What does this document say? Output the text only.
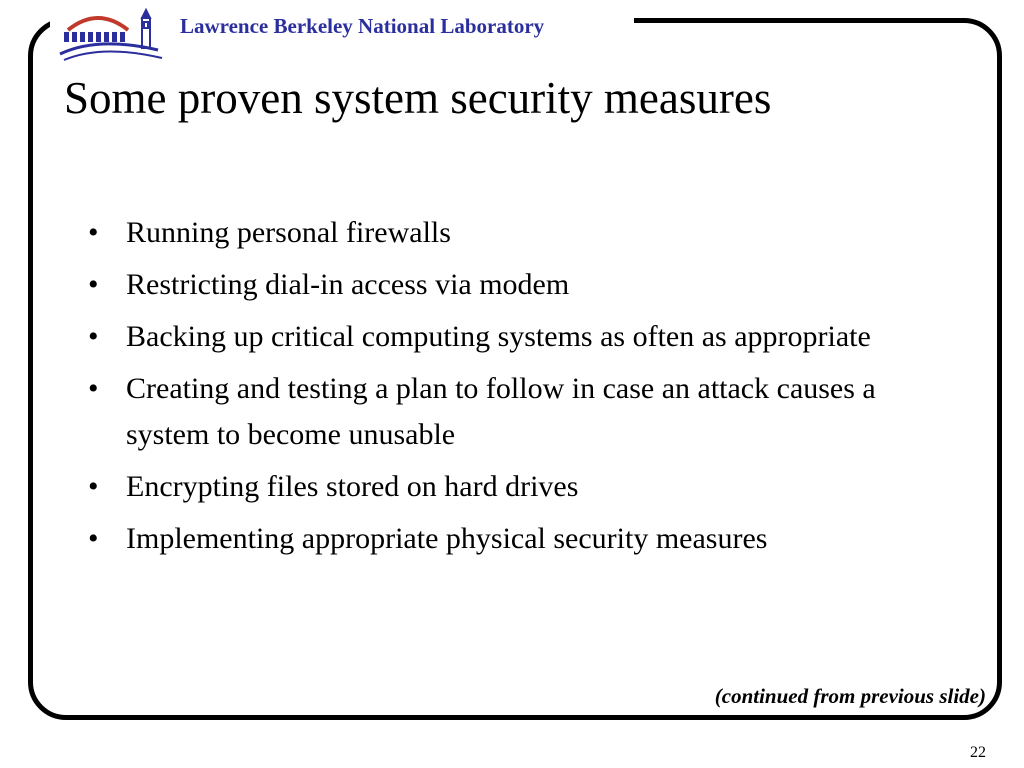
Lawrence Berkeley National Laboratory
Some proven system security measures
• Running personal firewalls
• Restricting dial-in access via modem
• Backing up critical computing systems as often as appropriate
• Creating and testing a plan to follow in case an attack causes a system to become unusable
• Encrypting files stored on hard drives
• Implementing appropriate physical security measures
(continued from previous slide)
22
